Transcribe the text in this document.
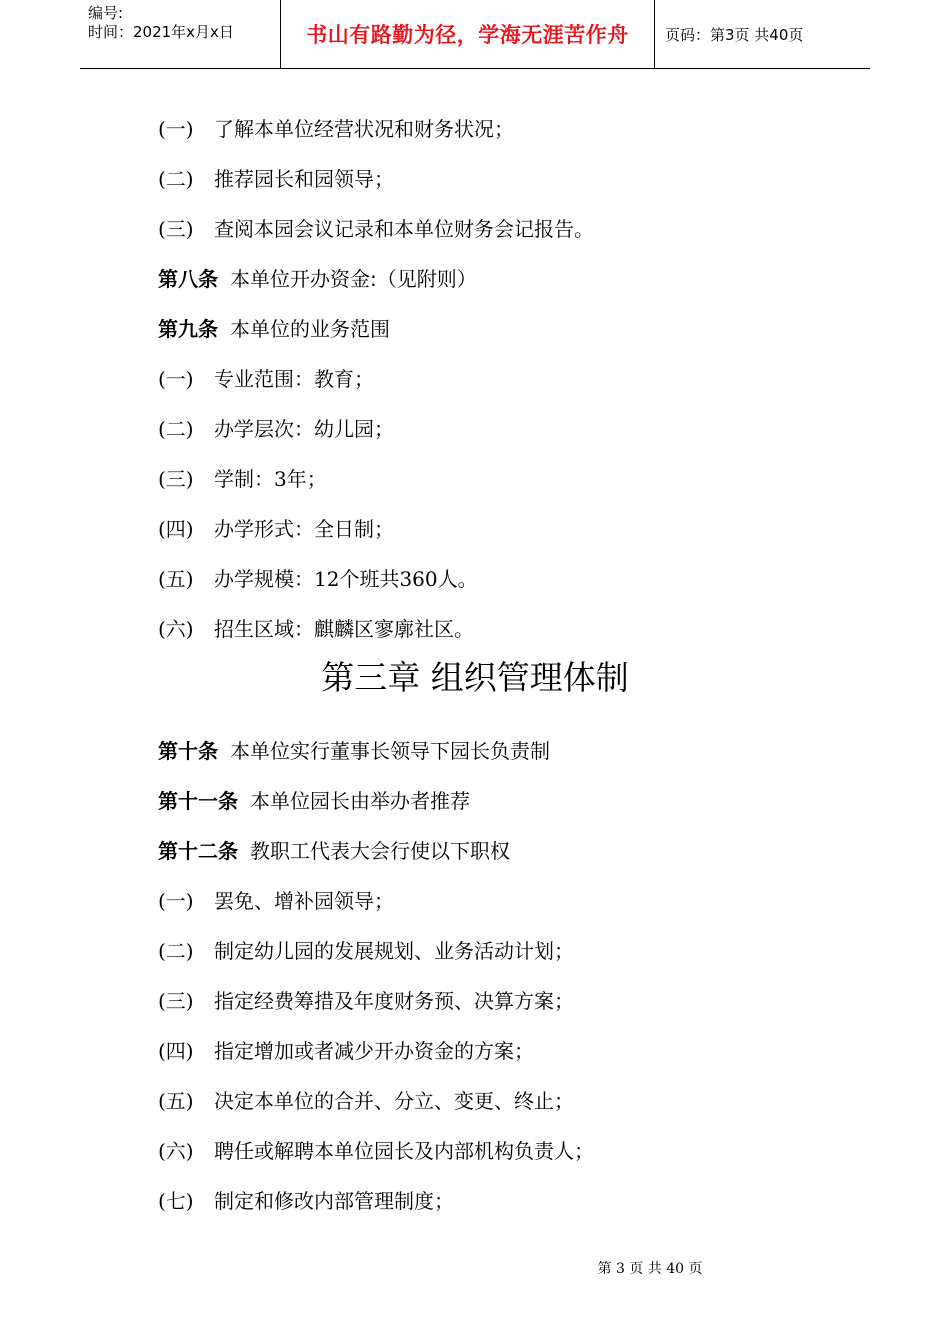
编号:
时间：2021年x月x日	书山有路勤为径，学海无涯苦作舟	页码：第3页 共40页
(一)	了解本单位经营状况和财务状况；
(二)	推荐园长和园领导；
(三)	查阅本园会议记录和本单位财务会记报告。
第八条 本单位开办资金:（见附则）
第九条 本单位的业务范围
(一)	专业范围：教育；
(二)	办学层次：幼儿园；
(三)	学制：3年；
(四)	办学形式：全日制；
(五)	办学规模：12个班共360人。
(六)	招生区域：麒麟区寥廓社区。
第三章 组织管理体制
第十条 本单位实行董事长领导下园长负责制
第十一条 本单位园长由举办者推荐
第十二条 教职工代表大会行使以下职权
(一)	罢免、增补园领导；
(二)	制定幼儿园的发展规划、业务活动计划；
(三)	指定经费筹措及年度财务预、决算方案；
(四)	指定增加或者减少开办资金的方案；
(五)	决定本单位的合并、分立、变更、终止；
(六)	聘任或解聘本单位园长及内部机构负责人；
(七)	制定和修改内部管理制度；
第 3 页 共 40 页
